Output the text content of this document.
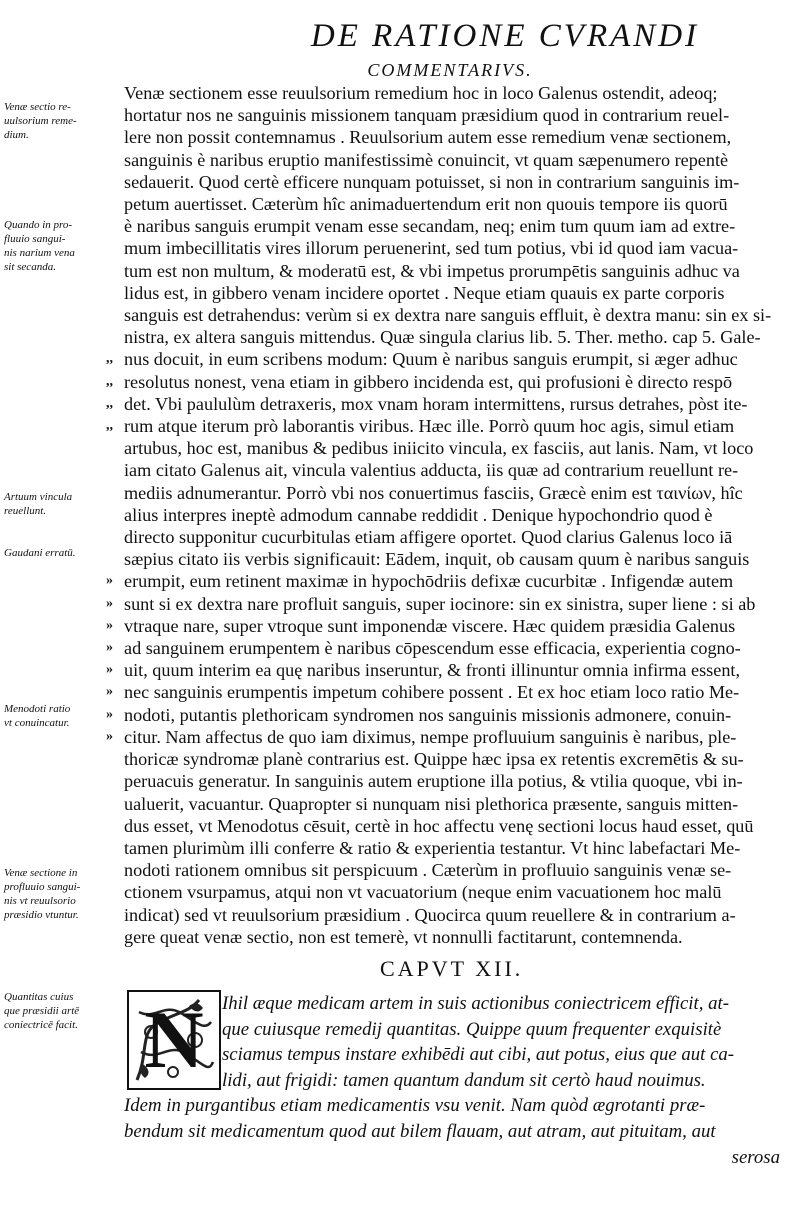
DE RATIONE CVRANDI
COMMENTARIVS.
Venæ sectio re-
uulsorium reme-
dium.
Quando in pro-
fluuio sangui-
nis narium vena
sit secanda.
Artuum vincula
reuellunt.
Gaudani erratū.
Menodoti ratio
vt conuincatur.
Venæ sectione in
profluuio sangui-
nis vt reuulsorio
præsidio vtuntur.
Quantitas cuius
que præsidii artē
coniectricē facit.
,,
,,
,,
,,
»
»
»
»
»
»
»
»
Venæ sectionem esse reuulsorium remedium hoc in loco Galenus ostendit, adeoq;
hortatur nos ne sanguinis missionem tanquam præsidium quod in contrarium reuel-
lere non possit contemnamus . Reuulsorium autem esse remedium venæ sectionem,
sanguinis è naribus eruptio manifestissimè conuincit, vt quam sæpenumero repentè
sedauerit. Quod certè efficere nunquam potuisset, si non in contrarium sanguinis im-
petum auertisset. Cæterùm hîc animaduertendum erit non quouis tempore iis quorū
è naribus sanguis erumpit venam esse secandam, neq; enim tum quum iam ad extre-
mum imbecillitatis vires illorum peruenerint, sed tum potius, vbi id quod iam vacua-
tum est non multum, & moderatū est, & vbi impetus prorumpētis sanguinis adhuc va
lidus est, in gibbero venam incidere oportet . Neque etiam quauis ex parte corporis
sanguis est detrahendus: verùm si ex dextra nare sanguis effluit, è dextra manu: sin ex si-
nistra, ex altera sanguis mittendus. Quæ singula clarius lib. 5. Ther. metho. cap 5. Gale-
nus docuit, in eum scribens modum: Quum è naribus sanguis erumpit, si æger adhuc
resolutus nonest, vena etiam in gibbero incidenda est, qui profusioni è directo respō
det. Vbi paululùm detraxeris, mox vnam horam intermittens, rursus detrahes, pòst ite-
rum atque iterum prò laborantis viribus. Hæc ille. Porrò quum hoc agis, simul etiam
artubus, hoc est, manibus & pedibus iniicito vincula, ex fasciis, aut lanis. Nam, vt loco
iam citato Galenus ait, vincula valentius adducta, iis quæ ad contrarium reuellunt re-
mediis adnumerantur. Porrò vbi nos conuertimus fasciis, Græcè enim est ταινίων, hîc
alius interpres ineptè admodum cannabe reddidit . Denique hypochondrio quod è
directo supponitur cucurbitulas etiam affigere oportet. Quod clarius Galenus loco iā
sæpius citato iis verbis significauit: Eādem, inquit, ob causam quum è naribus sanguis
erumpit, eum retinent maximæ in hypochōdriis defixæ cucurbitæ . Infigendæ autem
sunt si ex dextra nare profluit sanguis, super iocinore: sin ex sinistra, super liene : si ab
vtraque nare, super vtroque sunt imponendæ viscere. Hæc quidem præsidia Galenus
ad sanguinem erumpentem è naribus cōpescendum esse efficacia, experientia cogno-
uit, quum interim ea quę naribus inseruntur, & fronti illinuntur omnia infirma essent,
nec sanguinis erumpentis impetum cohibere possent . Et ex hoc etiam loco ratio Me-
nodoti, putantis plethoricam syndromen nos sanguinis missionis admonere, conuin-
citur. Nam affectus de quo iam diximus, nempe profluuium sanguinis è naribus, ple-
thoricæ syndromæ planè contrarius est. Quippe hæc ipsa ex retentis excremētis & su-
peruacuis generatur. In sanguinis autem eruptione illa potius, & vtilia quoque, vbi in-
ualuerit, vacuantur. Quapropter si nunquam nisi plethorica præsente, sanguis mitten-
dus esset, vt Menodotus cēsuit, certè in hoc affectu venę sectioni locus haud esset, quū
tamen plurimùm illi conferre & ratio & experientia testantur. Vt hinc labefactari Me-
nodoti rationem omnibus sit perspicuum . Cæterùm in profluuio sanguinis venæ se-
ctionem vsurpamus, atqui non vt vacuatorium (neque enim vacuationem hoc malū
indicat) sed vt reuulsorium præsidium . Quocirca quum reuellere & in contrarium a-
gere queat venæ sectio, non est temerè, vt nonnulli factitarunt, contemnenda.
CAPVT XII.
N Ihil æque medicam artem in suis actionibus coniectricem efficit, at-
que cuiusque remedij quantitas. Quippe quum frequenter exquisitè
sciamus tempus instare exhibēdi aut cibi, aut potus, eius que aut ca-
lidi, aut frigidi: tamen quantum dandum sit certò haud nouimus.
Idem in purgantibus etiam medicamentis vsu venit. Nam quòd ægrotanti præ-
bendum sit medicamentum quod aut bilem flauam, aut atram, aut pituitam, aut
serosa
